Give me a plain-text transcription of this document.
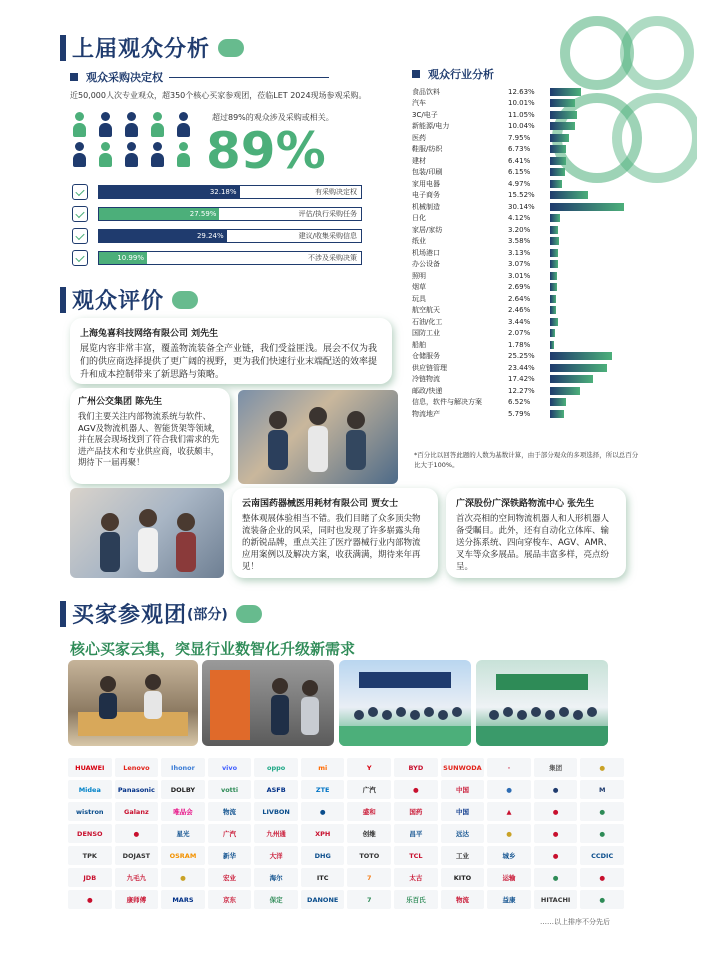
上届观众分析
观众采购决定权
近50,000人次专业观众，超350个核心买家参观团，莅临LET 2024现场参观采购。
超过89%的观众涉及采购或相关。
89%
32.18%	有采购决定权
27.59%	评估/执行采购任务
29.24%	建议/收集采购信息
10.99%	不涉及采购决策
观众行业分析
食品饮料	12.63%
汽车	10.01%
3C/电子	11.05%
新能源/电力	10.04%
医药	7.95%
鞋服/纺织	6.73%
建材	6.41%
包装/印刷	6.15%
家用电器	4.97%
电子商务	15.52%
机械制造	30.14%
日化	4.12%
家居/家纺	3.20%
纸业	3.58%
机场港口	3.13%
办公设备	3.07%
照明	3.01%
烟草	2.69%
玩具	2.64%
航空航天	2.46%
石油/化工	3.44%
国防工业	2.07%
船舶	1.78%
仓储服务	25.25%
供应链管理	23.44%
冷链物流	17.42%
邮政/快递	12.27%
信息，软件与解决方案	6.52%
物流地产	5.79%
*百分比以回答此题的人数为基数计算，由于部分观众的多项选择，所以总百分比大于100%。
观众评价
上海兔喜科技网络有限公司 刘先生
展览内容非常丰富，覆盖物流装备全产业链，我们受益匪浅。展会不仅为我们的供应商选择提供了更广阔的视野，更为我们快速行业末端配送的效率提升和成本控制带来了新思路与策略。
广州公交集团 陈先生
我们主要关注内部物流系统与软件、AGV及物流机器人、智能货架等领域，并在展会现场找到了符合我们需求的先进产品技术和专业供应商，收获颇丰，期待下一届再聚！
云南国药器械医用耗材有限公司 贾女士
整体观展体验相当不错。我们目睹了众多顶尖物流装备企业的风采，同时也发现了许多崭露头角的新锐品牌，重点关注了医疗器械行业内部物流应用案例以及解决方案，收获满满，期待来年再见！
广深股份广深铁路物流中心 张先生
首次亮相的空间物流机器人和人形机器人备受瞩目。此外，还有自动化立体库、输送分拣系统、四向穿梭车、AGV、AMR、叉车等众多展品。展品丰富多样，亮点纷呈。
买家参观团 (部分)
核心买家云集，突显行业数智化升级新需求
HUAWEI	Lenovo	Ihonor	vivo	oppo	mi	Y	BYD	SUNWODA	·	集团	●
Midea	Panasonic	DOLBY	votti	ASFB	ZTE	广汽	●	中国	●	●	M
wistron	Galanz	唯品会	物流	LIVBON	●	盛和	国药	中国	▲	●	●
DENSO	●	星光	广汽	九州通	XPH	创维	昌平	远达	●	●	●
TPK	DOJAST	OSRAM	新华	大洋	DHG	TOTO	TCL	工业	城乡	●	CCDIC
JDB	九毛九	●	宏业	海尔	ITC	7	太古	KITO	运输	●	●
●	康师傅	MARS	京东	保定	DANONE	7	乐百氏	物流	益康	HITACHI	●
……以上排序不分先后
